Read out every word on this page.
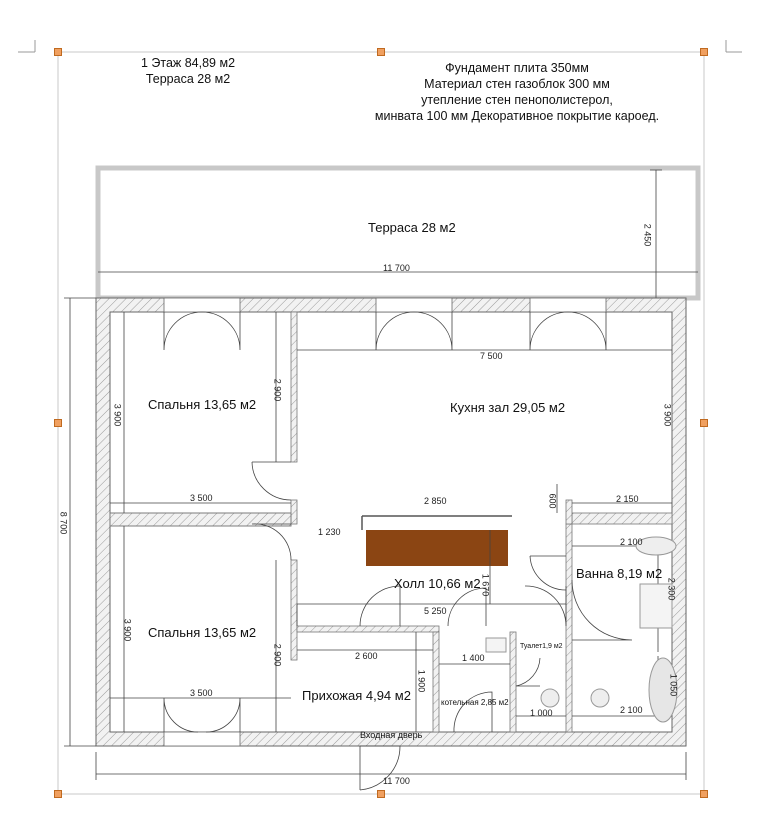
1 Этаж 84,89 м2
Терраса 28 м2
Фундамент плита 350мм
Материал стен газоблок 300 мм
утепление стен пенополистерол,
минвата 100 мм Декоративное покрытие кароед.
Терраса 28 м2
Спальня 13,65 м2
Спальня 13,65 м2
Кухня зал 29,05 м2
Холл 10,66 м2
Ванна 8,19 м2
Прихожая 4,94 м2	котельная 2,85 м2
Туалет1,9 м2
Входная дверь
11 700
11 700
3 500
3 500
7 500
2 850	2 150
1 230
5 250
2 100
2 100
2 600	1 400
1 000
2 450
8 700
3 900
2 900
3 900
2 900
3 900
600
1 670
1 900
2 300
1 050
